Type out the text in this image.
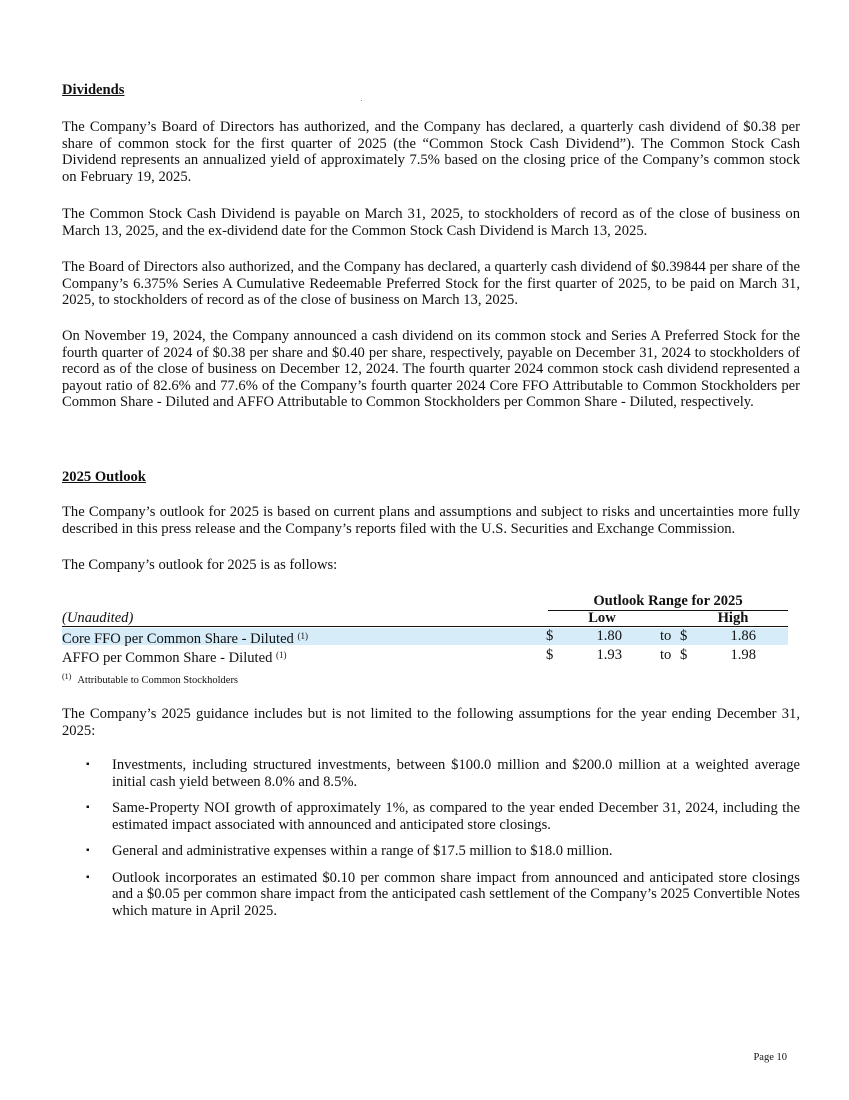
Dividends

The Company’s Board of Directors has authorized, and the Company has declared, a quarterly cash dividend of $0.38 per share of common stock for the first quarter of 2025 (the “Common Stock Cash Dividend”). The Common Stock Cash Dividend represents an annualized yield of approximately 7.5% based on the closing price of the Company’s common stock on February 19, 2025.

The Common Stock Cash Dividend is payable on March 31, 2025, to stockholders of record as of the close of business on March 13, 2025, and the ex-dividend date for the Common Stock Cash Dividend is March 13, 2025.

The Board of Directors also authorized, and the Company has declared, a quarterly cash dividend of $0.39844 per share of the Company’s 6.375% Series A Cumulative Redeemable Preferred Stock for the first quarter of 2025, to be paid on March 31, 2025, to stockholders of record as of the close of business on March 13, 2025.

On November 19, 2024, the Company announced a cash dividend on its common stock and Series A Preferred Stock for the fourth quarter of 2024 of $0.38 per share and $0.40 per share, respectively, payable on December 31, 2024 to stockholders of record as of the close of business on December 12, 2024. The fourth quarter 2024 common stock cash dividend represented a payout ratio of 82.6% and 77.6% of the Company’s fourth quarter 2024 Core FFO Attributable to Common Stockholders per Common Share - Diluted and AFFO Attributable to Common Stockholders per Common Share - Diluted, respectively.

2025 Outlook

The Company’s outlook for 2025 is based on current plans and assumptions and subject to risks and uncertainties more fully described in this press release and the Company’s reports filed with the U.S. Securities and Exchange Commission.

The Company’s outlook for 2025 is as follows:

Outlook Range for 2025
(Unaudited)	Low	High
Core FFO per Common Share - Diluted $^{(1)}$	$	1.80	to $	1.86
AFFO per Common Share - Diluted $^{(1)}$	$	1.93	to $	1.98
$^{(1)}$ Attributable to Common Stockholders

The Company’s 2025 guidance includes but is not limited to the following assumptions for the year ending December 31, 2025:

▪ Investments, including structured investments, between $100.0 million and $200.0 million at a weighted average initial cash yield between 8.0% and 8.5%.
▪ Same-Property NOI growth of approximately 1%, as compared to the year ended December 31, 2024, including the estimated impact associated with announced and anticipated store closings.
▪ General and administrative expenses within a range of $17.5 million to $18.0 million.
▪ Outlook incorporates an estimated $0.10 per common share impact from announced and anticipated store closings and a $0.05 per common share impact from the anticipated cash settlement of the Company’s 2025 Convertible Notes which mature in April 2025.
Page 10
